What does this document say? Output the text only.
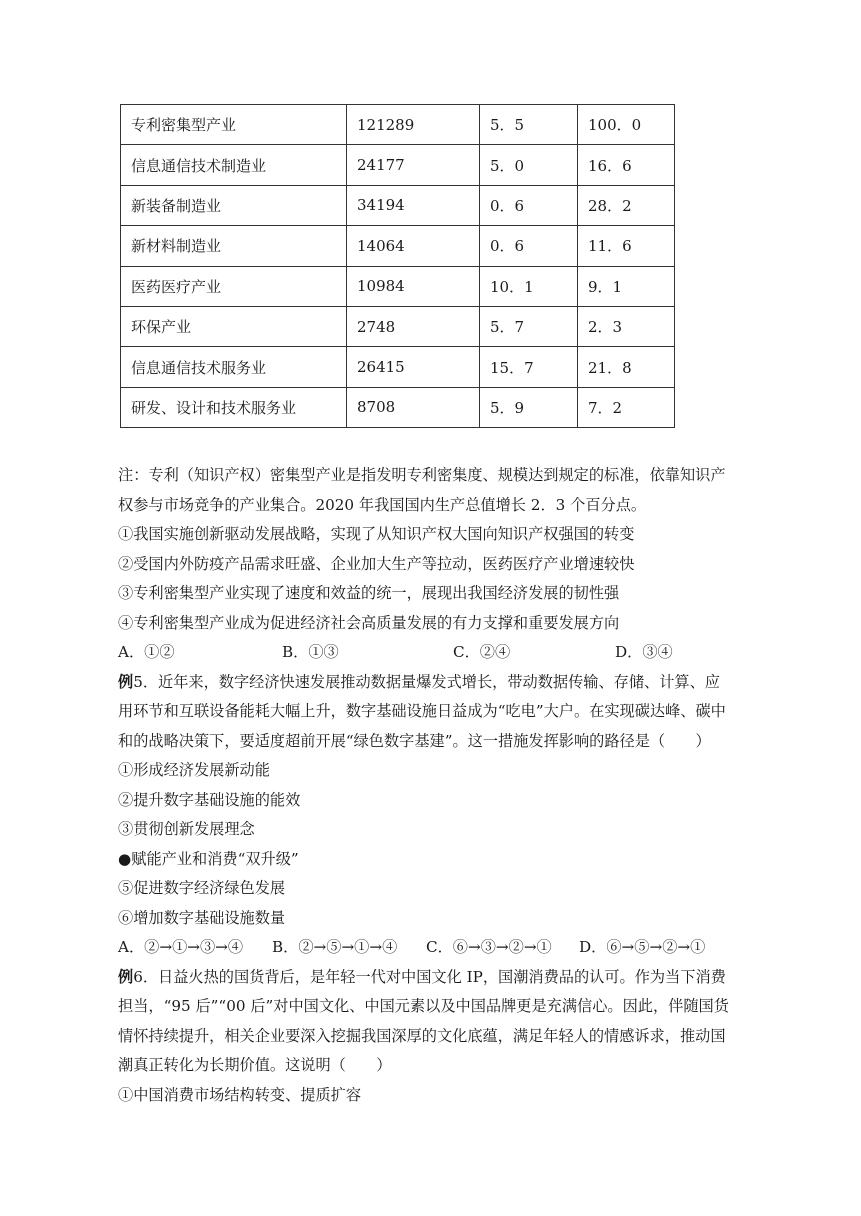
专利密集型产业	121289	5．5	100．0
信息通信技术制造业	24177	5．0	16．6
新装备制造业	34194	0．6	28．2
新材料制造业	14064	0．6	11．6
医药医疗产业	10984	10．1	9．1
环保产业	2748	5．7	2．3
信息通信技术服务业	26415	15．7	21．8
研发、设计和技术服务业	8708	5．9	7．2
注：专利（知识产权）密集型产业是指发明专利密集度、规模达到规定的标准，依靠知识产
权参与市场竞争的产业集合。2020 年我国国内生产总值增长 2．3 个百分点。
①我国实施创新驱动发展战略，实现了从知识产权大国向知识产权强国的转变
②受国内外防疫产品需求旺盛、企业加大生产等拉动，医药医疗产业增速较快
③专利密集型产业实现了速度和效益的统一，展现出我国经济发展的韧性强
④专利密集型产业成为促进经济社会高质量发展的有力支撑和重要发展方向
A．①②	B．①③	C．②④	D．③④
例5．近年来，数字经济快速发展推动数据量爆发式增长，带动数据传输、存储、计算、应
用环节和互联设备能耗大幅上升，数字基础设施日益成为“吃电”大户。在实现碳达峰、碳中
和的战略决策下，要适度超前开展“绿色数字基建”。这一措施发挥影响的路径是（　　）
①形成经济发展新动能
②提升数字基础设施的能效
③贯彻创新发展理念
●赋能产业和消费“双升级”
⑤促进数字经济绿色发展
⑥增加数字基础设施数量
A．②→①→③→④	B．②→⑤→①→④	C．⑥→③→②→①	D．⑥→⑤→②→①
例6．日益火热的国货背后，是年轻一代对中国文化 IP，国潮消费品的认可。作为当下消费
担当，“95 后”“00 后”对中国文化、中国元素以及中国品牌更是充满信心。因此，伴随国货
情怀持续提升，相关企业要深入挖掘我国深厚的文化底蕴，满足年轻人的情感诉求，推动国
潮真正转化为长期价值。这说明（　　）
①中国消费市场结构转变、提质扩容
